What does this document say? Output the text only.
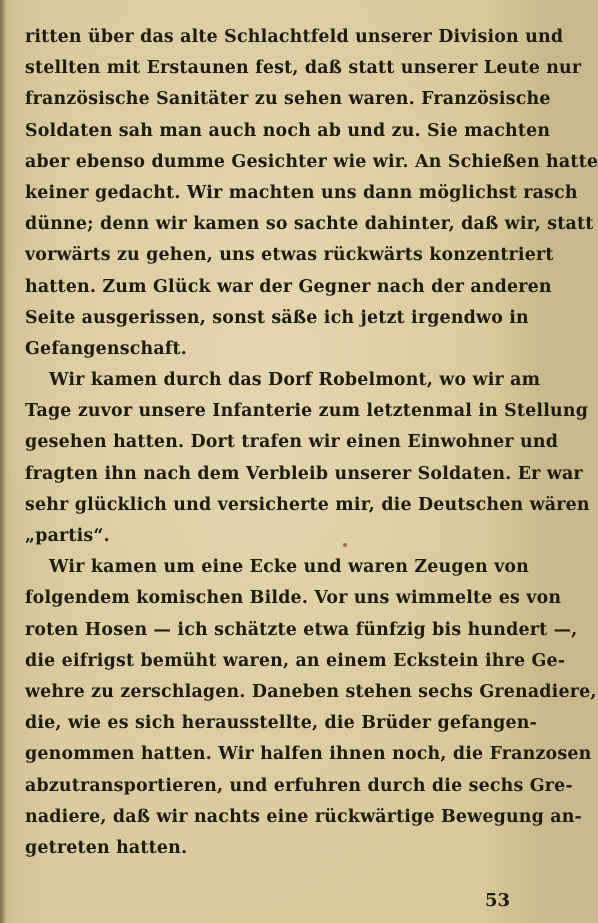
ritten über das alte Schlachtfeld unserer Division und
stellten mit Erstaunen fest, daß statt unserer Leute nur
französische Sanitäter zu sehen waren. Französische
Soldaten sah man auch noch ab und zu. Sie machten
aber ebenso dumme Gesichter wie wir. An Schießen hatte
keiner gedacht. Wir machten uns dann möglichst rasch
dünne; denn wir kamen so sachte dahinter, daß wir, statt
vorwärts zu gehen, uns etwas rückwärts konzentriert
hatten. Zum Glück war der Gegner nach der anderen
Seite ausgerissen, sonst säße ich jetzt irgendwo in
Gefangenschaft.
Wir kamen durch das Dorf Robelmont, wo wir am
Tage zuvor unsere Infanterie zum letztenmal in Stellung
gesehen hatten. Dort trafen wir einen Einwohner und
fragten ihn nach dem Verbleib unserer Soldaten. Er war
sehr glücklich und versicherte mir, die Deutschen wären
„partis“.
Wir kamen um eine Ecke und waren Zeugen von
folgendem komischen Bilde. Vor uns wimmelte es von
roten Hosen — ich schätzte etwa fünfzig bis hundert —,
die eifrigst bemüht waren, an einem Eckstein ihre Ge-
wehre zu zerschlagen. Daneben stehen sechs Grenadiere,
die, wie es sich herausstellte, die Brüder gefangen-
genommen hatten. Wir halfen ihnen noch, die Franzosen
abzutransportieren, und erfuhren durch die sechs Gre-
nadiere, daß wir nachts eine rückwärtige Bewegung an-
getreten hatten.
53
